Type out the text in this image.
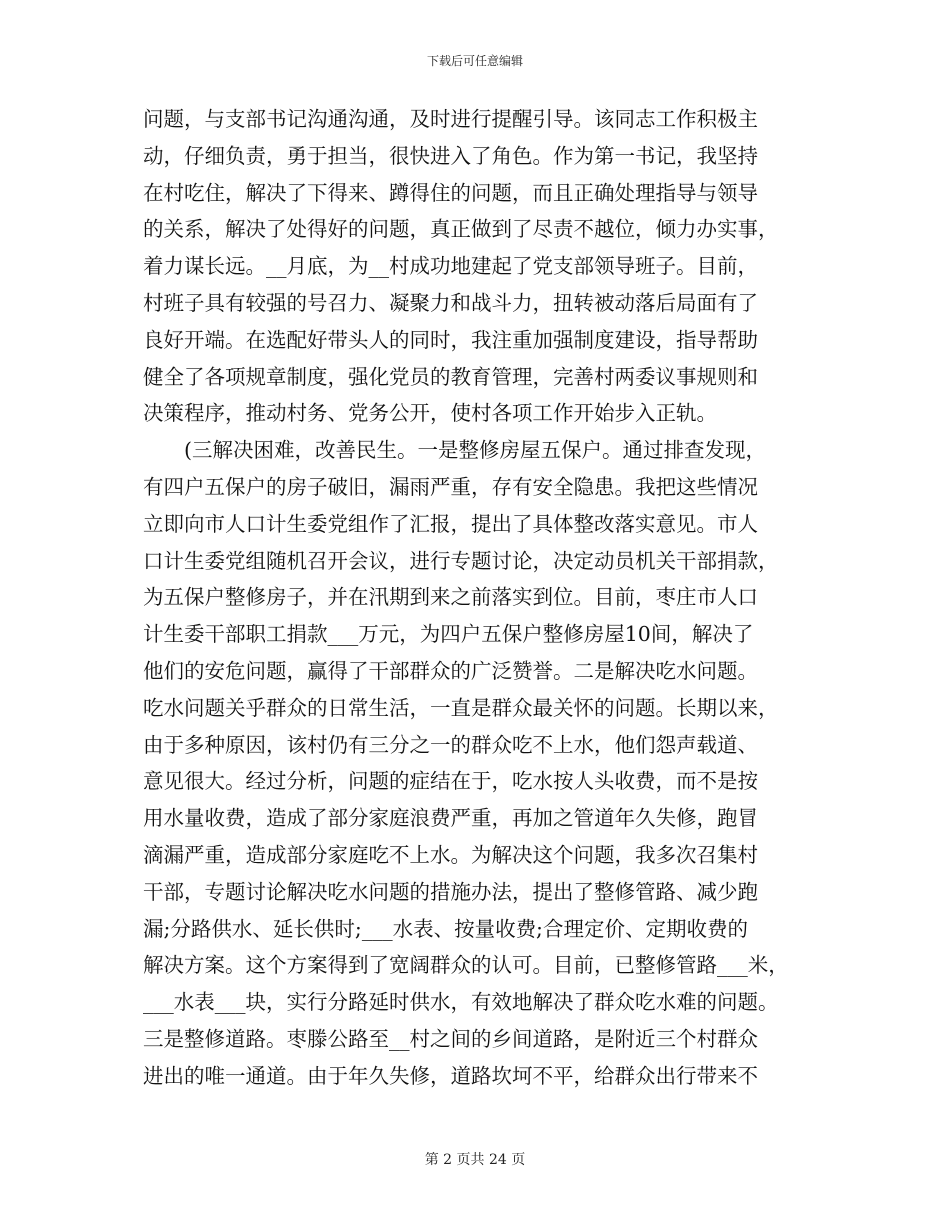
下载后可任意编辑
问题，与支部书记沟通沟通，及时进行提醒引导。该同志工作积极主
动，仔细负责，勇于担当，很快进入了角色。作为第一书记，我坚持
在村吃住，解决了下得来、蹲得住的问题，而且正确处理指导与领导
的关系，解决了处得好的问题，真正做到了尽责不越位，倾力办实事，
着力谋长远。__月底，为__村成功地建起了党支部领导班子。目前，
村班子具有较强的号召力、凝聚力和战斗力，扭转被动落后局面有了
良好开端。在选配好带头人的同时，我注重加强制度建设，指导帮助
健全了各项规章制度，强化党员的教育管理，完善村两委议事规则和
决策程序，推动村务、党务公开，使村各项工作开始步入正轨。
(三解决困难，改善民生。一是整修房屋五保户。通过排查发现，
有四户五保户的房子破旧，漏雨严重，存有安全隐患。我把这些情况
立即向市人口计生委党组作了汇报，提出了具体整改落实意见。市人
口计生委党组随机召开会议，进行专题讨论，决定动员机关干部捐款，
为五保户整修房子，并在汛期到来之前落实到位。目前，枣庄市人口
计生委干部职工捐款___万元，为四户五保户整修房屋10间，解决了
他们的安危问题，赢得了干部群众的广泛赞誉。二是解决吃水问题。
吃水问题关乎群众的日常生活，一直是群众最关怀的问题。长期以来，
由于多种原因，该村仍有三分之一的群众吃不上水，他们怨声载道、
意见很大。经过分析，问题的症结在于，吃水按人头收费，而不是按
用水量收费，造成了部分家庭浪费严重，再加之管道年久失修，跑冒
滴漏严重，造成部分家庭吃不上水。为解决这个问题，我多次召集村
干部，专题讨论解决吃水问题的措施办法，提出了整修管路、减少跑
漏;分路供水、延长供时;___水表、按量收费;合理定价、定期收费的
解决方案。这个方案得到了宽阔群众的认可。目前，已整修管路___米，
___水表___块，实行分路延时供水，有效地解决了群众吃水难的问题。
三是整修道路。枣滕公路至__村之间的乡间道路，是附近三个村群众
进出的唯一通道。由于年久失修，道路坎坷不平，给群众出行带来不
第 2 页共 24 页
